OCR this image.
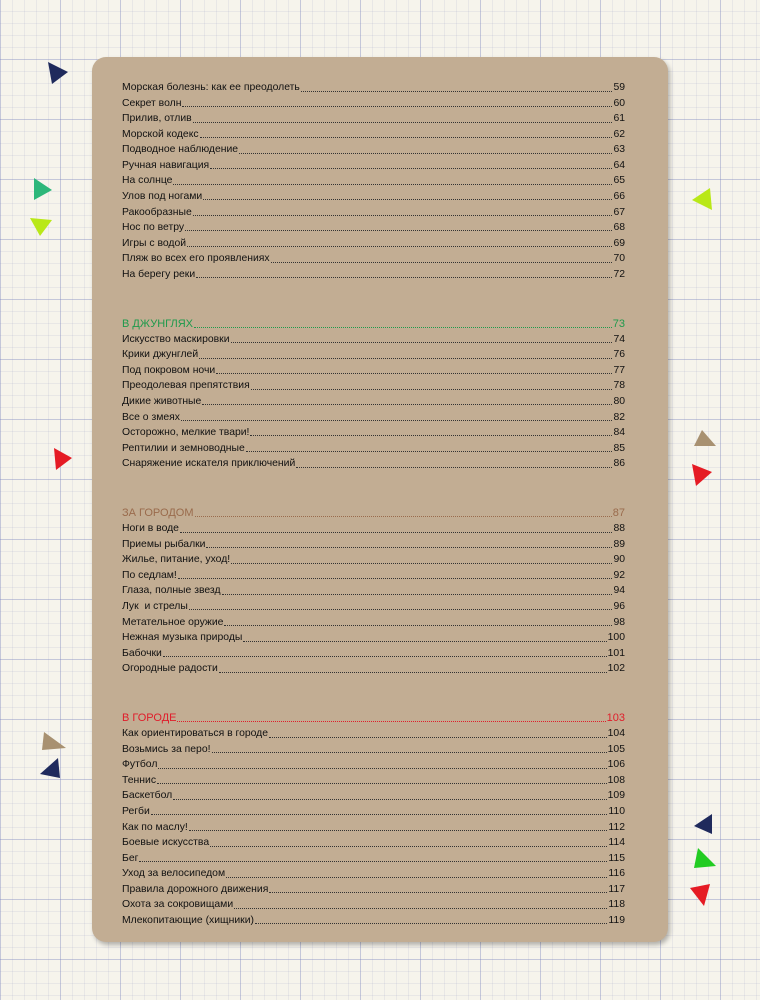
Морская болезнь: как ее преодолеть	59
Секрет волн	60
Прилив, отлив	61
Морской кодекс	62
Подводное наблюдение	63
Ручная навигация	64
На солнце	65
Улов под ногами	66
Ракообразные	67
Нос по ветру	68
Игры с водой	69
Пляж во всех его проявлениях	70
На берегу реки	72
В ДЖУНГЛЯХ	73
Искусство маскировки	74
Крики джунглей	76
Под покровом ночи	77
Преодолевая препятствия	78
Дикие животные	80
Все о змеях	82
Осторожно, мелкие твари!	84
Рептилии и земноводные	85
Снаряжение искателя приключений	86
ЗА ГОРОДОМ	87
Ноги в воде	88
Приемы рыбалки	89
Жилье, питание, уход!	90
По седлам!	92
Глаза, полные звезд	94
Лук  и стрелы	96
Метательное оружие	98
Нежная музыка природы	100
Бабочки	101
Огородные радости	102
В ГОРОДЕ	103
Как ориентироваться в городе	104
Возьмись за перо!	105
Футбол	106
Теннис	108
Баскетбол	109
Регби	110
Как по маслу!	112
Боевые искусства	114
Бег	115
Уход за велосипедом	116
Правила дорожного движения	117
Охота за сокровищами	118
Млекопитающие (хищники)	119
